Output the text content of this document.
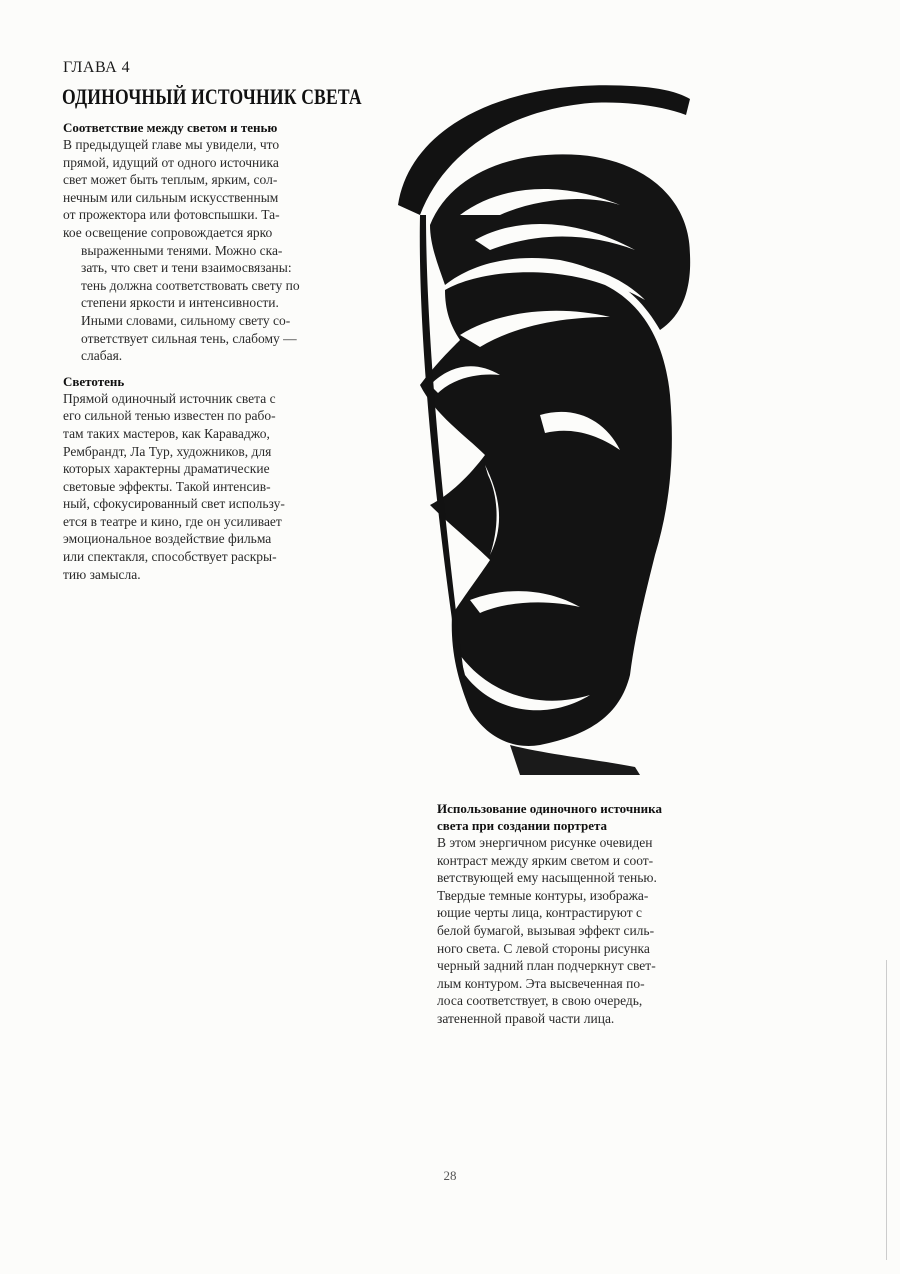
ГЛАВА 4
ОДИНОЧНЫЙ ИСТОЧНИК СВЕТА
Соответствие между светом и тенью
В предыдущей главе мы увидели, что
прямой, идущий от одного источника
свет может быть теплым, ярким, сол-
нечным или сильным искусственным
от прожектора или фотовспышки. Та-
кое освещение сопровождается ярко
выраженными тенями. Можно ска-
зать, что свет и тени взаимосвязаны:
тень должна соответствовать свету по
степени яркости и интенсивности.
Иными словами, сильному свету со-
ответствует сильная тень, слабому —
слабая.
Светотень
Прямой одиночный источник света с
его сильной тенью известен по рабо-
там таких мастеров, как Караваджо,
Рембрандт, Ла Тур, художников, для
которых характерны драматические
световые эффекты. Такой интенсив-
ный, сфокусированный свет использу-
ется в театре и кино, где он усиливает
эмоциональное воздействие фильма
или спектакля, способствует раскры-
тию замысла.
Использование одиночного источника
света при создании портрета
В этом энергичном рисунке очевиден
контраст между ярким светом и соот-
ветствующей ему насыщенной тенью.
Твердые темные контуры, изобража-
ющие черты лица, контрастируют с
белой бумагой, вызывая эффект силь-
ного света. С левой стороны рисунка
черный задний план подчеркнут свет-
лым контуром. Эта высвеченная по-
лоса соответствует, в свою очередь,
затененной правой части лица.
28
